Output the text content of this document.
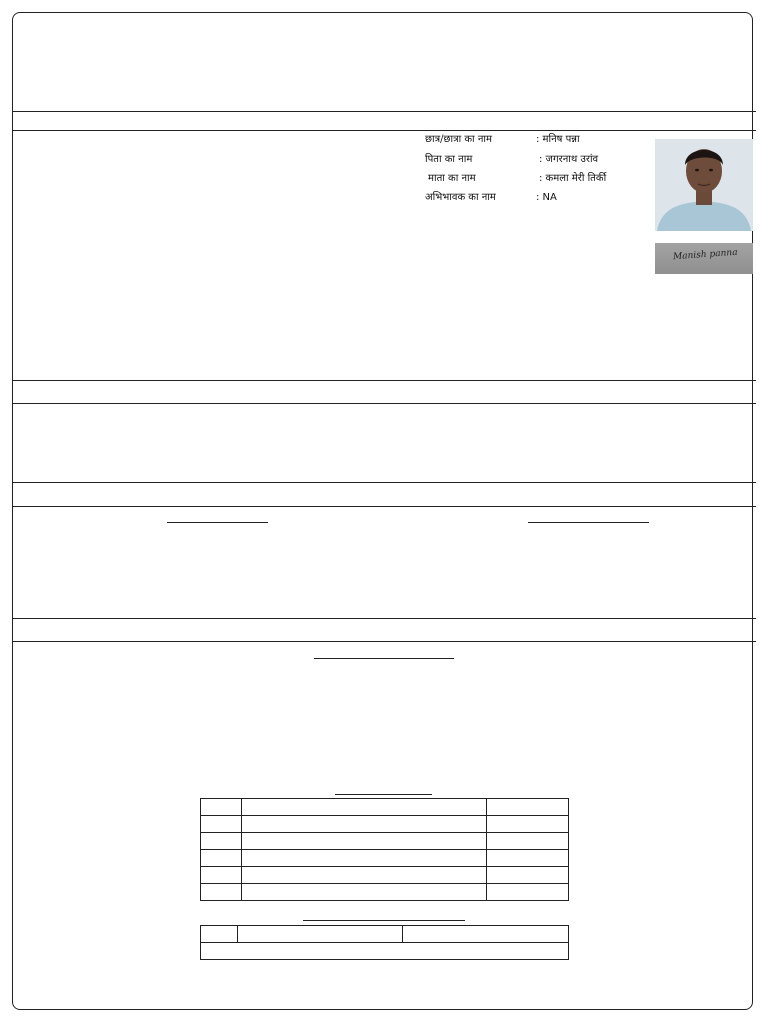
छात्र/छात्रा का नाम	: मनिष पन्ना
पिता का नाम	: जगरनाथ उरांव
माता का नाम	: कमला मेरी तिर्की
अभिभावक का नाम	: NA
Manish panna
